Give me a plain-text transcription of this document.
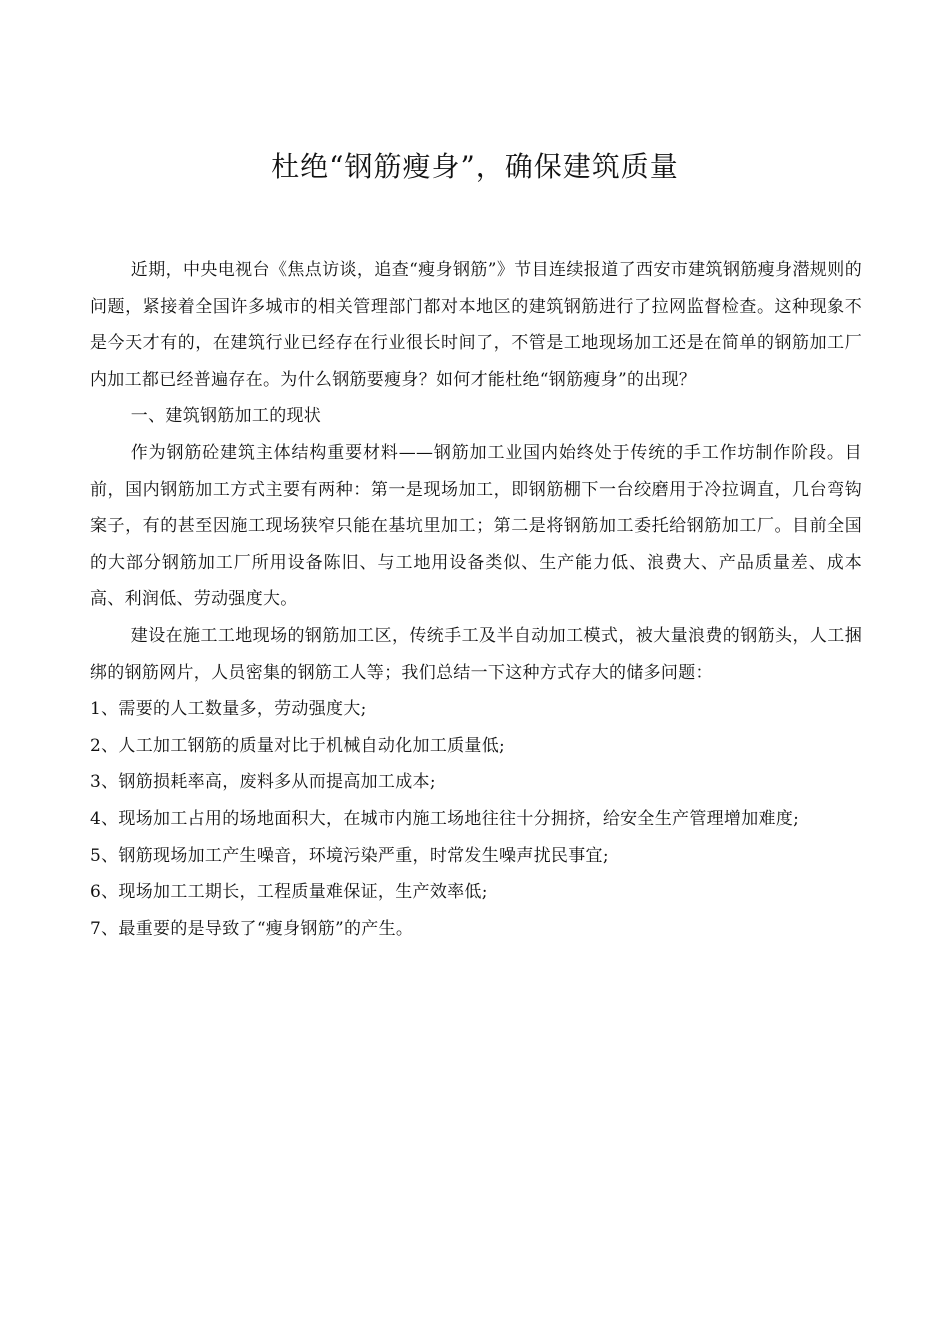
杜绝“钢筋瘦身”，确保建筑质量

近期，中央电视台《焦点访谈，追查“瘦身钢筋”》节目连续报道了西安市建筑钢筋瘦身潜规则的问题，紧接着全国许多城市的相关管理部门都对本地区的建筑钢筋进行了拉网监督检查。这种现象不是今天才有的，在建筑行业已经存在行业很长时间了，不管是工地现场加工还是在简单的钢筋加工厂内加工都已经普遍存在。为什么钢筋要瘦身？如何才能杜绝“钢筋瘦身”的出现？

一、建筑钢筋加工的现状

作为钢筋砼建筑主体结构重要材料——钢筋加工业国内始终处于传统的手工作坊制作阶段。目前，国内钢筋加工方式主要有两种：第一是现场加工，即钢筋棚下一台绞磨用于冷拉调直，几台弯钩案子，有的甚至因施工现场狭窄只能在基坑里加工；第二是将钢筋加工委托给钢筋加工厂。目前全国的大部分钢筋加工厂所用设备陈旧、与工地用设备类似、生产能力低、浪费大、产品质量差、成本高、利润低、劳动强度大。

建设在施工工地现场的钢筋加工区，传统手工及半自动加工模式，被大量浪费的钢筋头，人工捆绑的钢筋网片，人员密集的钢筋工人等；我们总结一下这种方式存大的储多问题：

1、需要的人工数量多，劳动强度大;

2、人工加工钢筋的质量对比于机械自动化加工质量低;

3、钢筋损耗率高，废料多从而提高加工成本;

4、现场加工占用的场地面积大，在城市内施工场地往往十分拥挤，给安全生产管理增加难度;

5、钢筋现场加工产生噪音，环境污染严重，时常发生噪声扰民事宜;

6、现场加工工期长，工程质量难保证，生产效率低;

7、最重要的是导致了“瘦身钢筋”的产生。
